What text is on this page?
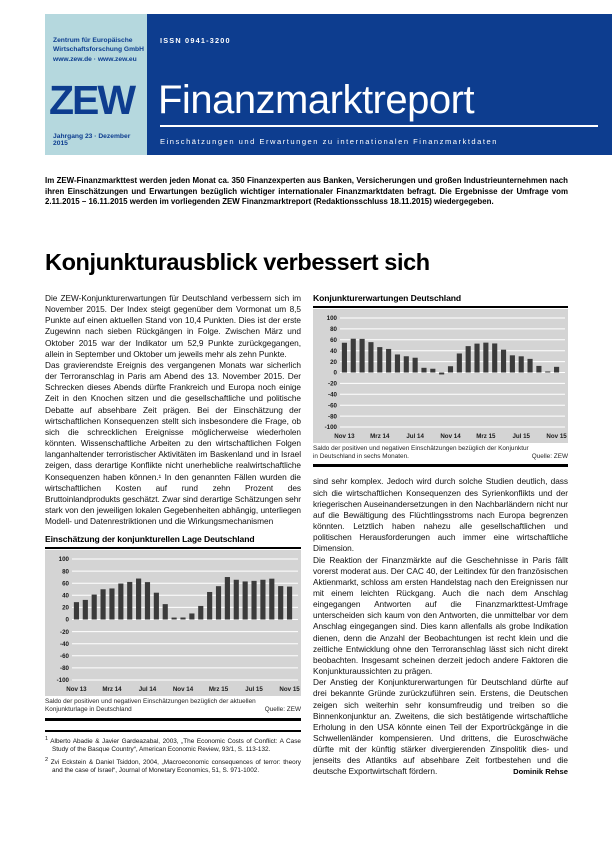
Zentrum für Europäische
Wirtschaftsforschung GmbH
www.zew.de · www.zew.eu
ZEW
Jahrgang 23 · Dezember 2015
ISSN 0941-3200
Finanzmarktreport
Einschätzungen und Erwartungen zu internationalen Finanzmarktdaten

Im ZEW-Finanzmarkttest werden jeden Monat ca. 350 Finanzexperten aus Banken, Versicherungen und großen Industrieunternehmen nach ihren Einschätzungen und Erwartungen bezüglich wichtiger internationaler Finanzmarktdaten befragt. Die Ergebnisse der Umfrage vom 2.11.2015 – 16.11.2015 werden im vorliegenden ZEW Finanzmarktreport (Redaktionsschluss 18.11.2015) wiedergegeben.

Konjunkturausblick verbessert sich

Die ZEW-Konjunkturerwartungen für Deutschland verbessern sich im November 2015. Der Index steigt gegenüber dem Vormonat um 8,5 Punkte auf einen aktuellen Stand von 10,4 Punkten. Dies ist der erste Zugewinn nach sieben Rückgängen in Folge. Zwischen März und Oktober 2015 war der Indikator um 52,9 Punkte zurückgegangen, allein in September und Oktober um jeweils mehr als zehn Punkte.

Das gravierendste Ereignis des vergangenen Monats war sicherlich der Terroranschlag in Paris am Abend des 13. November 2015. Der Schrecken dieses Abends dürfte Frankreich und Europa noch einige Zeit in den Knochen sitzen und die gesellschaftliche und politische Debatte auf absehbare Zeit prägen. Bei der Einschätzung der wirtschaftlichen Konsequenzen stellt sich insbesondere die Frage, ob sich die schrecklichen Ereignisse möglicherweise wiederholen könnten. Wissenschaftliche Arbeiten zu den wirtschaftlichen Folgen langanhaltender terroristischer Aktivitäten im Baskenland und in Israel zeigen, dass derartige Konflikte nicht unerhebliche realwirtschaftliche Konsequenzen haben können.¹ In den genannten Fällen wurden die wirtschaftlichen Kosten auf rund zehn Prozent des Bruttoinlandprodukts geschätzt. Zwar sind derartige Schätzungen sehr stark von den jeweiligen lokalen Gegebenheiten abhängig, unterliegen Modell- und Datenrestriktionen und die Wirkungsmechanismen

Einschätzung der konjunkturellen Lage Deutschland
-100
-80
-60
-40
-20
0
20
40
60
80
100
Nov 13	Mrz 14	Jul 14	Nov 14	Mrz 15	Jul 15	Nov 15
Saldo der positiven und negativen Einschätzungen bezüglich der aktuellen Konjunkturlage in Deutschland	Quelle: ZEW

$^1$ Alberto Abadie & Javier Gardeazabal, 2003, „The Economic Costs of Conflict: A Case Study of the Basque Country“, American Economic Review, 93/1, S. 113-132.

$^2$ Zvi Eckstein & Daniel Tsiddon, 2004, „Macroeconomic consequences of terror: theory and the case of Israel“, Journal of Monetary Economics, 51, S. 971-1002.

Konjunkturerwartungen Deutschland
-100
-80
-60
-40
-20
0
20
40
60
80
100
Nov 13	Mrz 14	Jul 14	Nov 14	Mrz 15	Jul 15	Nov 15
Saldo der positiven und negativen Einschätzungen bezüglich der Konjunktur in Deutschland in sechs Monaten.	Quelle: ZEW

sind sehr komplex. Jedoch wird durch solche Studien deutlich, dass sich die wirtschaftlichen Konsequenzen des Syrienkonflikts und der kriegerischen Auseinandersetzungen in den Nachbarländern nicht nur auf die Bewältigung des Flüchtlingsstroms nach Europa begrenzen könnten. Letztlich haben nahezu alle gesellschaftlichen und politischen Herausforderungen auch immer eine wirtschaftliche Dimension.

Die Reaktion der Finanzmärkte auf die Geschehnisse in Paris fällt vorerst moderat aus. Der CAC 40, der Leitindex für den französischen Aktienmarkt, schloss am ersten Handelstag nach den Ereignissen nur mit einem leichten Rückgang. Auch die nach dem Anschlag eingegangen Antworten auf die Finanzmarkttest-Umfrage unterscheiden sich kaum von den Antworten, die unmittelbar vor dem Anschlag eingegangen sind. Dies kann allenfalls als grobe Indikation dienen, denn die Anzahl der Beobachtungen ist recht klein und die zeitliche Entwicklung ohne den Terroranschlag lässt sich nicht direkt beobachten. Insgesamt scheinen derzeit jedoch andere Faktoren die Konjunkturaussichten zu prägen.

Der Anstieg der Konjunkturerwartungen für Deutschland dürfte auf drei bekannte Gründe zurückzuführen sein. Erstens, die Deutschen zeigen sich weiterhin sehr konsumfreudig und treiben so die Binnenkonjunktur an. Zweitens, die sich bestätigende wirtschaftliche Erholung in den USA könnte einen Teil der Exportrückgänge in die Schwellenländer kompensieren. Und drittens, die Euroschwäche dürfte mit der künftig stärker divergierenden Zinspolitik dies- und jenseits des Atlantiks auf absehbare Zeit fortbestehen und die deutsche Exportwirtschaft fördern.	Dominik Rehse
